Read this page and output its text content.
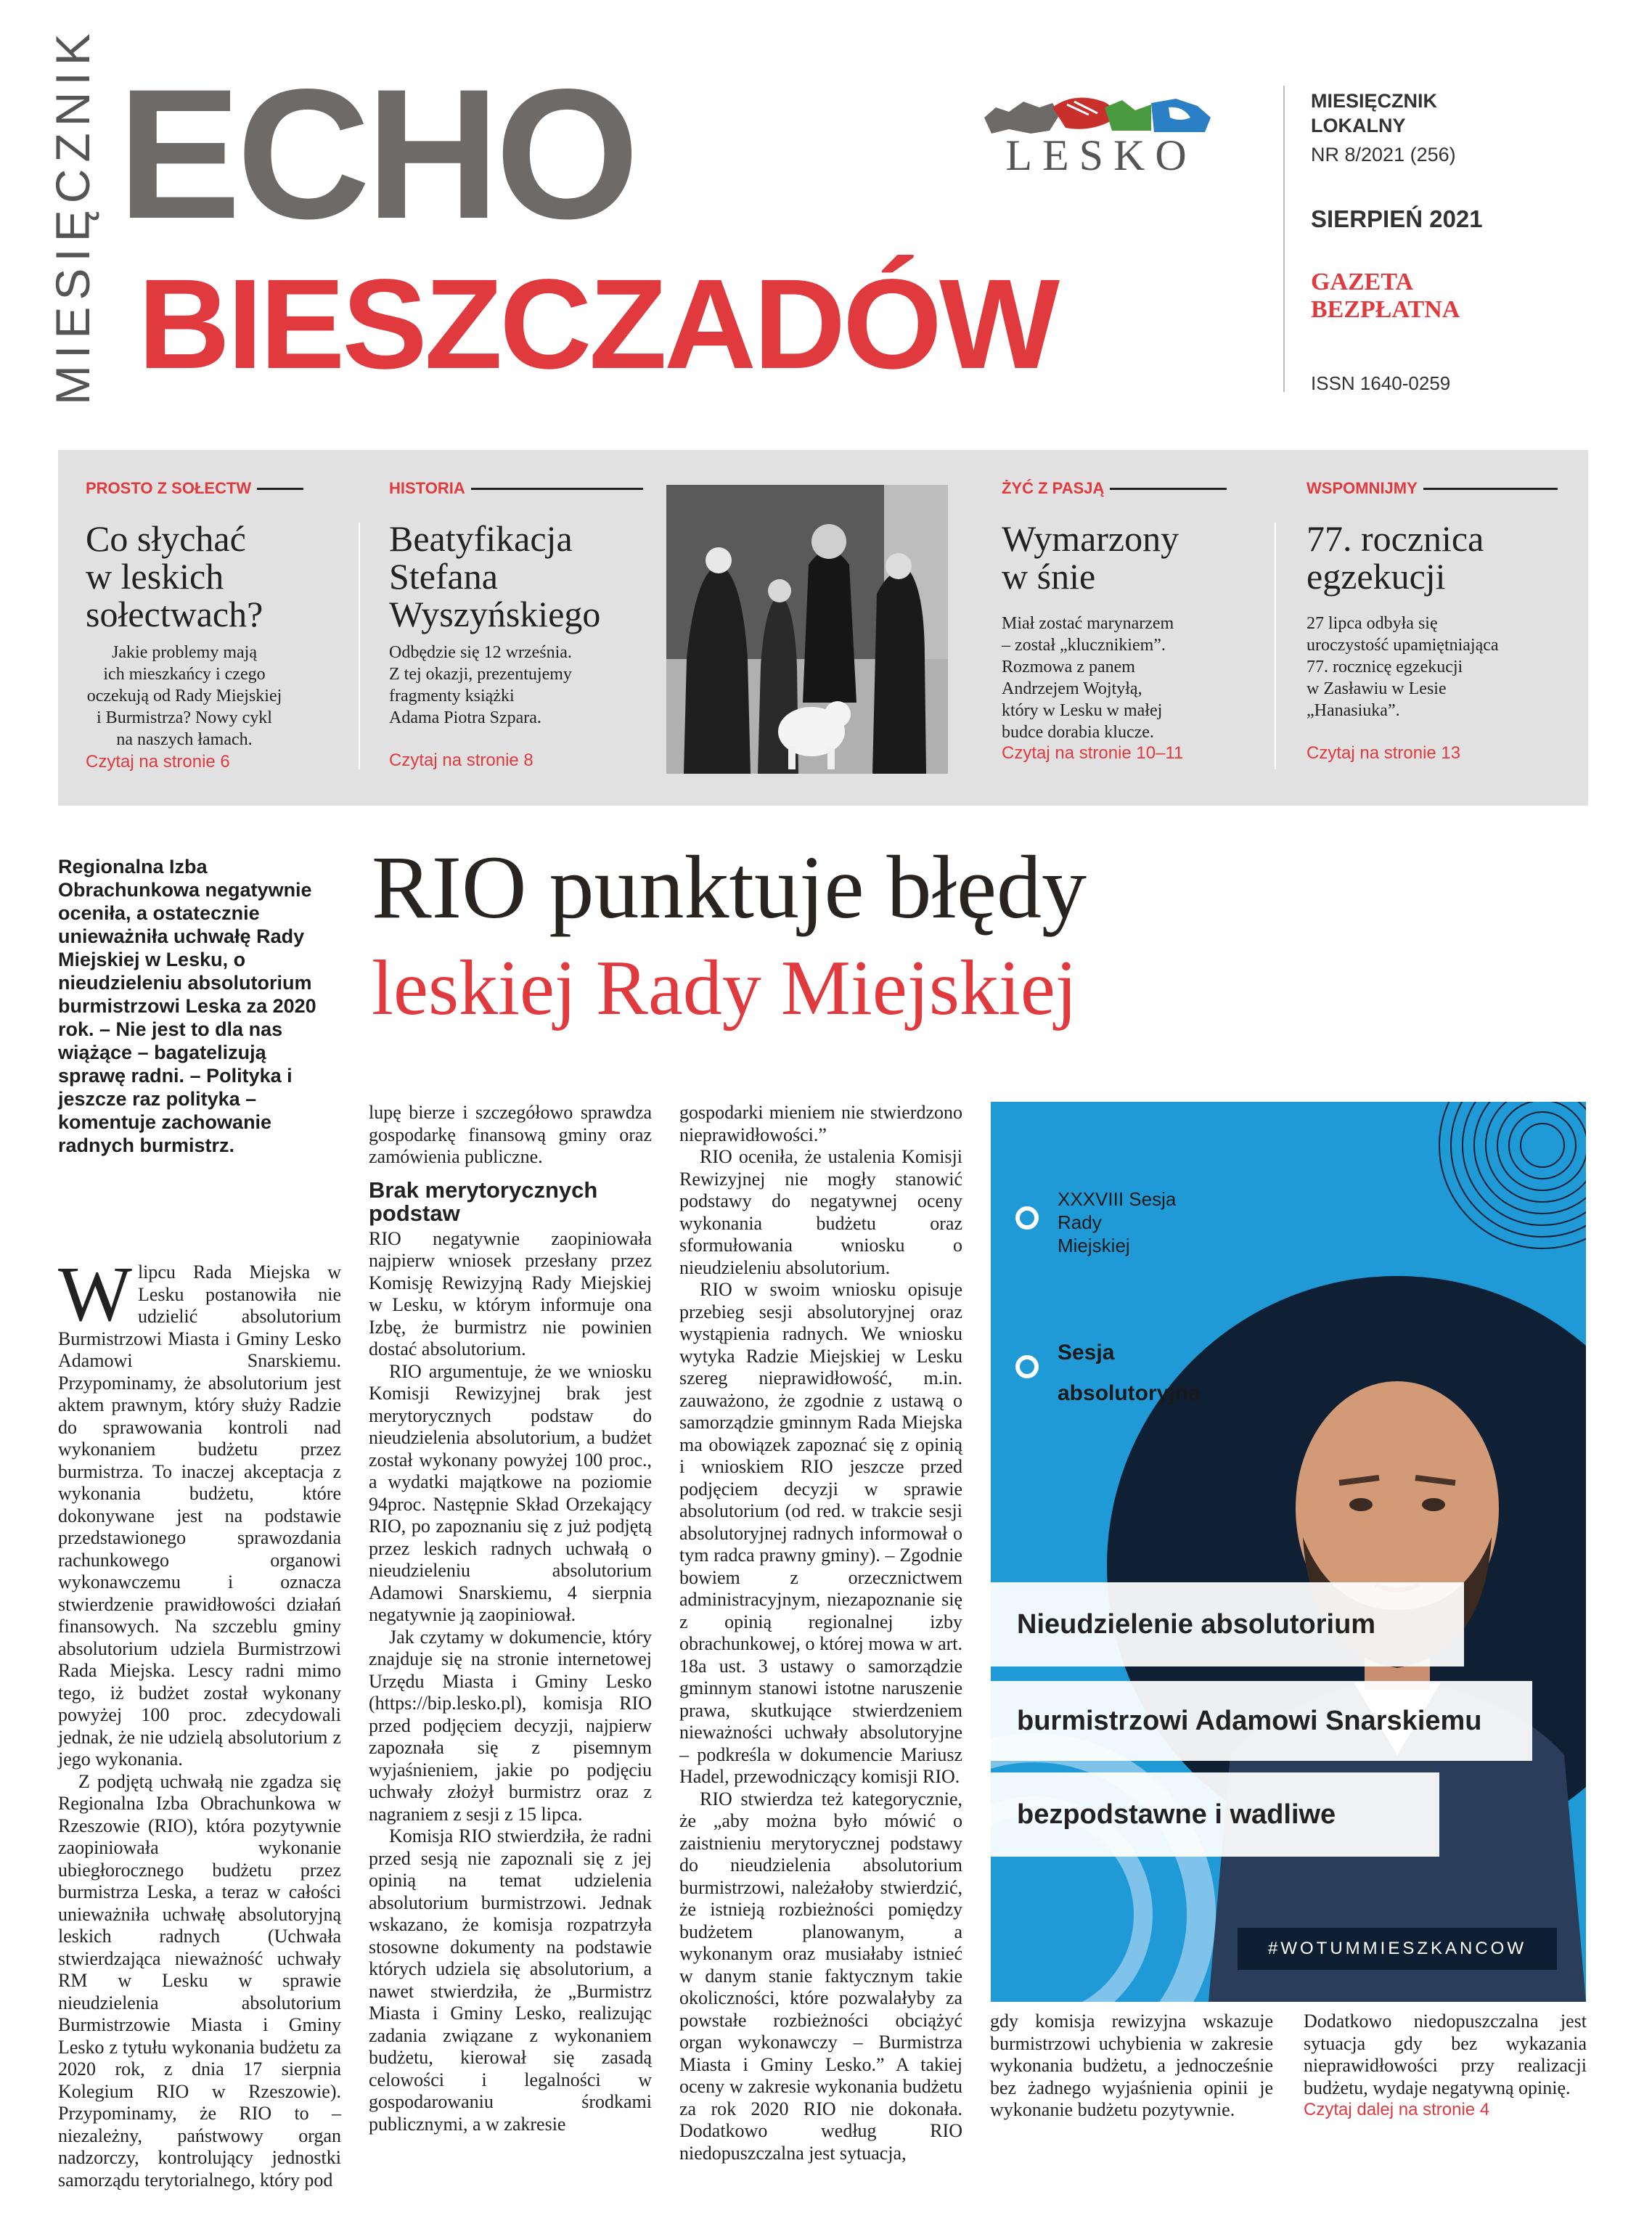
MIESIĘCZNIK ECHO
BIESZCZADÓW
LESKO
MIESIĘCZNIK
LOKALNY
NR 8/2021 (256)
SIERPIEŃ 2021
GAZETA
BEZPŁATNA
ISSN 1640-0259
PROSTO Z SOŁECTW
Co słychać
w leskich
sołectwach?
Jakie problemy mają
ich mieszkańcy i czego
oczekują od Rady Miejskiej
i Burmistrza? Nowy cykl
na naszych łamach.
Czytaj na stronie 6
HISTORIA
Beatyfikacja
Stefana
Wyszyńskiego
Odbędzie się 12 września.
Z tej okazji, prezentujemy
fragmenty książki
Adama Piotra Szpara.
Czytaj na stronie 8
ŻYĆ Z PASJĄ
Wymarzony
w śnie
Miał zostać marynarzem
– został „klucznikiem”.
Rozmowa z panem
Andrzejem Wojtyłą,
który w Lesku w małej
budce dorabia klucze.
Czytaj na stronie 10–11
WSPOMNIJMY
77. rocznica
egzekucji
27 lipca odbyła się
uroczystość upamiętniająca
77. rocznicę egzekucji
w Zasławiu w Lesie
„Hanasiuka”.
Czytaj na stronie 13
Regionalna Izba Obrachunkowa negatywnie oceniła, a ostatecznie unieważniła uchwałę Rady Miejskiej w Lesku, o nieudzieleniu absolutorium burmistrzowi Leska za 2020 rok. – Nie jest to dla nas wiążące – bagatelizują sprawę radni. – Polityka i jeszcze raz polityka – komentuje zachowanie radnych burmistrz.
RIO punktuje błędy
leskiej Rady Miejskiej

Wlipcu Rada Miejska w Lesku postanowiła nie udzielić absolutorium Burmistrzowi Miasta i Gminy Lesko Adamowi Snarskiemu. Przypominamy, że absolutorium jest aktem prawnym, który służy Radzie do sprawowania kontroli nad wykonaniem budżetu przez burmistrza. To inaczej akceptacja z wykonania budżetu, które dokonywane jest na podstawie przedstawionego sprawozdania rachunkowego organowi wykonawczemu i oznacza stwierdzenie prawidłowości działań finansowych. Na szczeblu gminy absolutorium udziela Burmistrzowi Rada Miejska. Lescy radni mimo tego, iż budżet został wykonany powyżej 100 proc. zdecydowali jednak, że nie udzielą absolutorium z jego wykonania.

Z podjętą uchwałą nie zgadza się Regionalna Izba Obrachunkowa w Rzeszowie (RIO), która pozytywnie zaopiniowała wykonanie ubiegłorocznego budżetu przez burmistrza Leska, a teraz w całości unieważniła uchwałę absolutoryjną leskich radnych (Uchwała stwierdzająca nieważność uchwały RM w Lesku w sprawie nieudzielenia absolutorium Burmistrzowie Miasta i Gminy Lesko z tytułu wykonania budżetu za 2020 rok, z dnia 17 sierpnia Kolegium RIO w Rzeszowie). Przypominamy, że RIO to – niezależny, państwowy organ nadzorczy, kontrolujący jednostki samorządu terytorialnego, który pod

lupę bierze i szczegółowo sprawdza gospodarkę finansową gminy oraz zamówienia publiczne.

Brak merytorycznych podstaw

RIO negatywnie zaopiniowała najpierw wniosek przesłany przez Komisję Rewizyjną Rady Miejskiej w Lesku, w którym informuje ona Izbę, że burmistrz nie powinien dostać absolutorium.

RIO argumentuje, że we wniosku Komisji Rewizyjnej brak jest merytorycznych podstaw do nieudzielenia absolutorium, a budżet został wykonany powyżej 100 proc., a wydatki majątkowe na poziomie 94proc. Następnie Skład Orzekający RIO, po zapoznaniu się z już podjętą przez leskich radnych uchwałą o nieudzieleniu absolutorium Adamowi Snarskiemu, 4 sierpnia negatywnie ją zaopiniował.

Jak czytamy w dokumencie, który znajduje się na stronie internetowej Urzędu Miasta i Gminy Lesko (https://bip.lesko.pl), komisja RIO przed podjęciem decyzji, najpierw zapoznała się z pisemnym wyjaśnieniem, jakie po podjęciu uchwały złożył burmistrz oraz z nagraniem z sesji z 15 lipca.

Komisja RIO stwierdziła, że radni przed sesją nie zapoznali się z jej opinią na temat udzielenia absolutorium burmistrzowi. Jednak wskazano, że komisja rozpatrzyła stosowne dokumenty na podstawie których udziela się absolutorium, a nawet stwierdziła, że „Burmistrz Miasta i Gminy Lesko, realizując zadania związane z wykonaniem budżetu, kierował się zasadą celowości i legalności w gospodarowaniu środkami publicznymi, a w zakresie

gospodarki mieniem nie stwierdzono nieprawidłowości.”

RIO oceniła, że ustalenia Komisji Rewizyjnej nie mogły stanowić podstawy do negatywnej oceny wykonania budżetu oraz sformułowania wniosku o nieudzieleniu absolutorium.

RIO w swoim wniosku opisuje przebieg sesji absolutoryjnej oraz wystąpienia radnych. We wniosku wytyka Radzie Miejskiej w Lesku szereg nieprawidłowość, m.in. zauważono, że zgodnie z ustawą o samorządzie gminnym Rada Miejska ma obowiązek zapoznać się z opinią i wnioskiem RIO jeszcze przed podjęciem decyzji w sprawie absolutorium (od red. w trakcie sesji absolutoryjnej radnych informował o tym radca prawny gminy). – Zgodnie bowiem z orzecznictwem administracyjnym, niezapoznanie się z opinią regionalnej izby obrachunkowej, o której mowa w art. 18a ust. 3 ustawy o samorządzie gminnym stanowi istotne naruszenie prawa, skutkujące stwierdzeniem nieważności uchwały absolutoryjne – podkreśla w dokumencie Mariusz Hadel, przewodniczący komisji RIO.

RIO stwierdza też kategorycznie, że „aby można było mówić o zaistnieniu merytorycznej podstawy do nieudzielenia absolutorium burmistrzowi, należałoby stwierdzić, że istnieją rozbieżności pomiędzy budżetem planowanym, a wykonanym oraz musiałaby istnieć w danym stanie faktycznym takie okoliczności, które pozwalałyby za powstałe rozbieżności obciążyć organ wykonawczy – Burmistrza Miasta i Gminy Lesko.” A takiej oceny w zakresie wykonania budżetu za rok 2020 RIO nie dokonała. Dodatkowo według RIO niedopuszczalna jest sytuacja,

gdy komisja rewizyjna wskazuje burmistrzowi uchybienia w zakresie wykonania budżetu, a jednocześnie bez żadnego wyjaśnienia opinii je wykonanie budżetu pozytywnie.

Dodatkowo niedopuszczalna jest sytuacja gdy bez wykazania nieprawidłowości przy realizacji budżetu, wydaje negatywną opinię.

Czytaj dalej na stronie 4

XXXVIII Sesja
Rady
Miejskiej
Sesja
absolutoryjna
Nieudzielenie absolutorium
burmistrzowi Adamowi Snarskiemu
bezpodstawne i wadliwe
#WOTUMMIESZKANCOW
